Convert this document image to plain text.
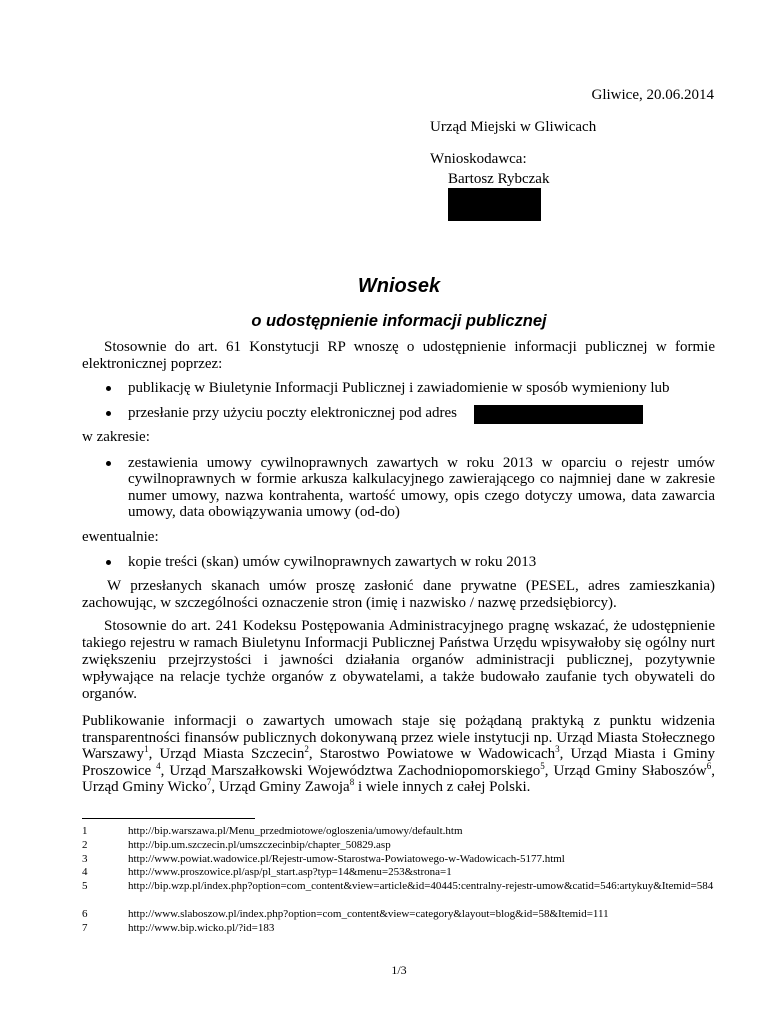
Gliwice, 20.06.2014
Urząd Miejski w Gliwicach
Wnioskodawca:
Bartosz Rybczak
Wniosek
o udostępnienie informacji publicznej
Stosownie do art. 61 Konstytucji RP wnoszę o udostępnienie informacji publicznej w formie elektronicznej poprzez:
publikację w Biuletynie Informacji Publicznej i zawiadomienie w sposób wymieniony lub
przesłanie przy użyciu poczty elektronicznej pod adres
w zakresie:
zestawienia umowy cywilnoprawnych zawartych w roku 2013 w oparciu o rejestr umów cywilnoprawnych w formie arkusza kalkulacyjnego zawierającego co najmniej dane w zakresie numer umowy, nazwa kontrahenta, wartość umowy, opis czego dotyczy umowa, data zawarcia umowy, data obowiązywania umowy (od-do)
ewentualnie:
kopie treści (skan) umów cywilnoprawnych zawartych w roku 2013
W przesłanych skanach umów proszę zasłonić dane prywatne (PESEL, adres zamieszkania) zachowując, w szczególności oznaczenie stron (imię i nazwisko / nazwę przedsiębiorcy).
Stosownie do art. 241 Kodeksu Postępowania Administracyjnego pragnę wskazać, że udostępnienie takiego rejestru w ramach Biuletynu Informacji Publicznej Państwa Urzędu wpisywałoby się ogólny nurt zwiększeniu przejrzystości i jawności działania organów administracji publicznej, pozytywnie wpływające na relacje tychże organów z obywatelami, a także budowało zaufanie tych obywateli do organów.
Publikowanie informacji o zawartych umowach staje się pożądaną praktyką z punktu widzenia transparentności finansów publicznych dokonywaną przez wiele instytucji np. Urząd Miasta Stołecznego Warszawy$^1$, Urząd Miasta Szczecin$^2$, Starostwo Powiatowe w Wadowicach$^3$, Urząd Miasta i Gminy Proszowice $^4$, Urząd Marszałkowski Województwa Zachodniopomorskiego$^5$, Urząd Gminy Słaboszów$^6$, Urząd Gminy Wicko$^7$, Urząd Gminy Zawoja$^8$ i wiele innych z całej Polski.
1	http://bip.warszawa.pl/Menu_przedmiotowe/ogloszenia/umowy/default.htm
2	http://bip.um.szczecin.pl/umszczecinbip/chapter_50829.asp
3	http://www.powiat.wadowice.pl/Rejestr-umow-Starostwa-Powiatowego-w-Wadowicach-5177.html
4	http://www.proszowice.pl/asp/pl_start.asp?typ=14&menu=253&strona=1
5	http://bip.wzp.pl/index.php?option=com_content&view=article&id=40445:centralny-rejestr-umow&catid=546:artykuy&Itemid=584
6	http://www.slaboszow.pl/index.php?option=com_content&view=category&layout=blog&id=58&Itemid=111
7	http://www.bip.wicko.pl/?id=183
1/3
